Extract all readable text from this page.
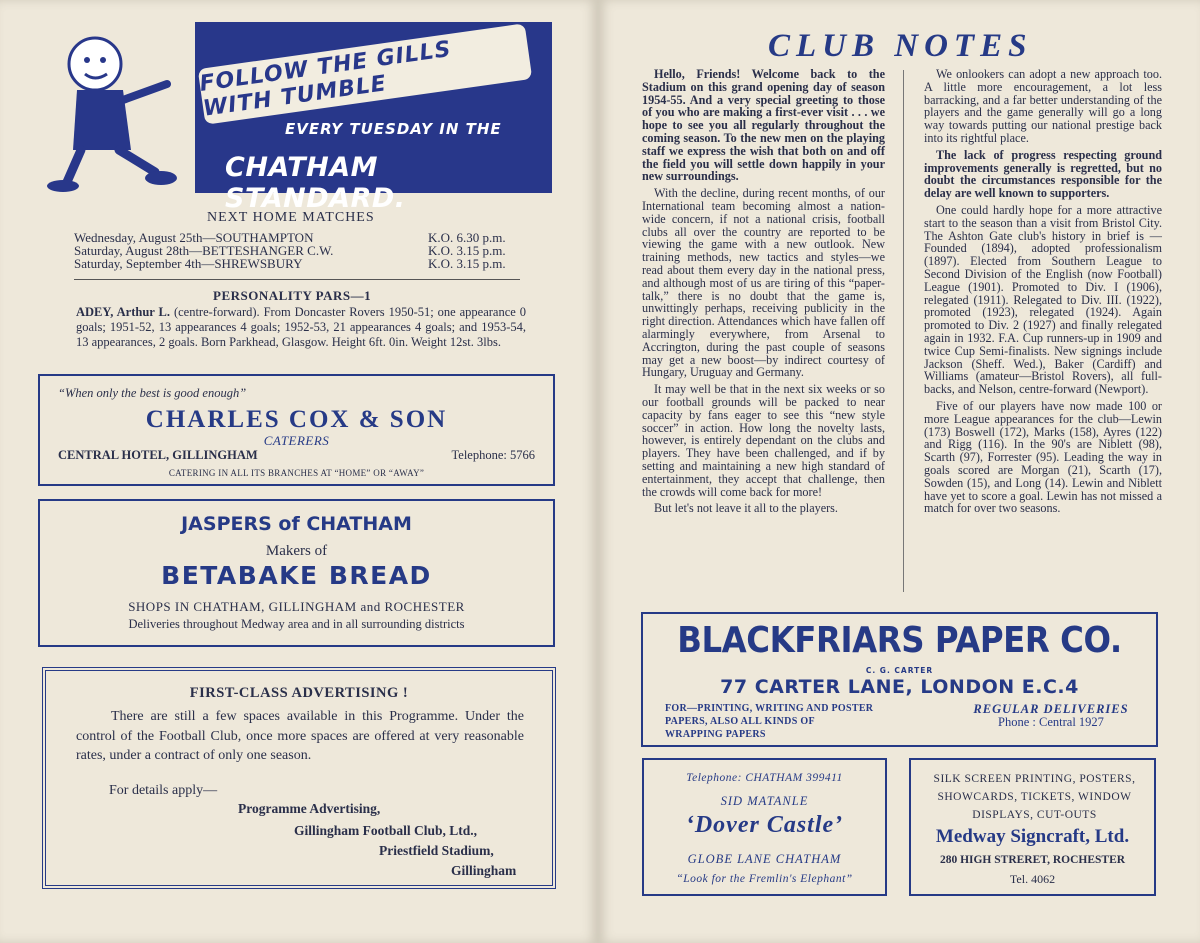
FOLLOW THE GILLS WITH TUMBLE
EVERY TUESDAY IN THE
CHATHAM STANDARD.
NEXT HOME MATCHES
Wednesday, August 25th—SOUTHAMPTON	K.O. 6.30 p.m.
Saturday, August 28th—BETTESHANGER C.W.	K.O. 3.15 p.m.
Saturday, September 4th—SHREWSBURY	K.O. 3.15 p.m.
PERSONALITY PARS—1
ADEY, Arthur L. (centre-forward). From Doncaster Rovers 1950-51; one appearance 0 goals; 1951-52, 13 appearances 4 goals; 1952-53, 21 appearances 4 goals; and 1953-54, 13 appearances, 2 goals. Born Parkhead, Glasgow. Height 6ft. 0in. Weight 12st. 3lbs.
“When only the best is good enough”
CHARLES COX & SON
CATERERS
CENTRAL HOTEL, GILLINGHAM	Telephone: 5766
CATERING IN ALL ITS BRANCHES AT “HOME” OR “AWAY”
JASPERS of CHATHAM
Makers of
BETABAKE BREAD
SHOPS IN CHATHAM, GILLINGHAM and ROCHESTER
Deliveries throughout Medway area and in all surrounding districts
FIRST-CLASS ADVERTISING !
There are still a few spaces available in this Programme. Under the control of the Football Club, once more spaces are offered at very reasonable rates, under a contract of only one season.
For details apply—
Programme Advertising,
Gillingham Football Club, Ltd.,
Priestfield Stadium,
Gillingham
CLUB NOTES

Hello, Friends! Welcome back to the Stadium on this grand opening day of season 1954-55. And a very special greeting to those of you who are making a first-ever visit . . . we hope to see you all regularly throughout the coming season. To the new men on the playing staff we express the wish that both on and off the field you will settle down happily in your new surroundings.

With the decline, during recent months, of our International team becoming almost a nation-wide concern, if not a national crisis, football clubs all over the country are reported to be viewing the game with a new outlook. New training methods, new tactics and styles—we read about them every day in the national press, and although most of us are tiring of this “paper-talk,” there is no doubt that the game is, unwittingly perhaps, receiving publicity in the right direction. Attendances which have fallen off alarmingly everywhere, from Arsenal to Accrington, during the past couple of seasons may get a new boost—by indirect courtesy of Hungary, Uruguay and Germany.

It may well be that in the next six weeks or so our football grounds will be packed to near capacity by fans eager to see this “new style soccer” in action. How long the novelty lasts, however, is entirely dependant on the clubs and players. They have been challenged, and if by setting and maintaining a new high standard of entertainment, they accept that challenge, then the crowds will come back for more!

But let's not leave it all to the players.

We onlookers can adopt a new approach too. A little more encouragement, a lot less barracking, and a far better understanding of the players and the game generally will go a long way towards putting our national prestige back into its rightful place.

The lack of progress respecting ground improvements generally is regretted, but no doubt the circumstances responsible for the delay are well known to supporters.

One could hardly hope for a more attractive start to the season than a visit from Bristol City. The Ashton Gate club's history in brief is — Founded (1894), adopted professionalism (1897). Elected from Southern League to Second Division of the English (now Football) League (1901). Promoted to Div. I (1906), relegated (1911). Relegated to Div. III. (1922), promoted (1923), relegated (1924). Again promoted to Div. 2 (1927) and finally relegated again in 1932. F.A. Cup runners-up in 1909 and twice Cup Semi-finalists. New signings include Jackson (Sheff. Wed.), Baker (Cardiff) and Williams (amateur—Bristol Rovers), all full-backs, and Nelson, centre-forward (Newport).

Five of our players have now made 100 or more League appearances for the club—Lewin (173) Boswell (172), Marks (158), Ayres (122) and Rigg (116). In the 90's are Niblett (98), Scarth (97), Forrester (95). Leading the way in goals scored are Morgan (21), Scarth (17), Sowden (15), and Long (14). Lewin and Niblett have yet to score a goal. Lewin has not missed a match for over two seasons.

BLACKFRIARS PAPER CO.
C. G. CARTER
77 CARTER LANE, LONDON E.C.4
FOR—PRINTING, WRITING AND POSTER PAPERS, ALSO ALL KINDS OF WRAPPING PAPERS
REGULAR DELIVERIES
Phone : Central 1927
Telephone: CHATHAM 399411
SID MATANLE
‘Dover Castle’
GLOBE LANE CHATHAM
“Look for the Fremlin's Elephant”
SILK SCREEN PRINTING, POSTERS, SHOWCARDS, TICKETS, WINDOW DISPLAYS, CUT-OUTS
Medway Signcraft, Ltd.
280 HIGH STRERET, ROCHESTER
Tel. 4062
